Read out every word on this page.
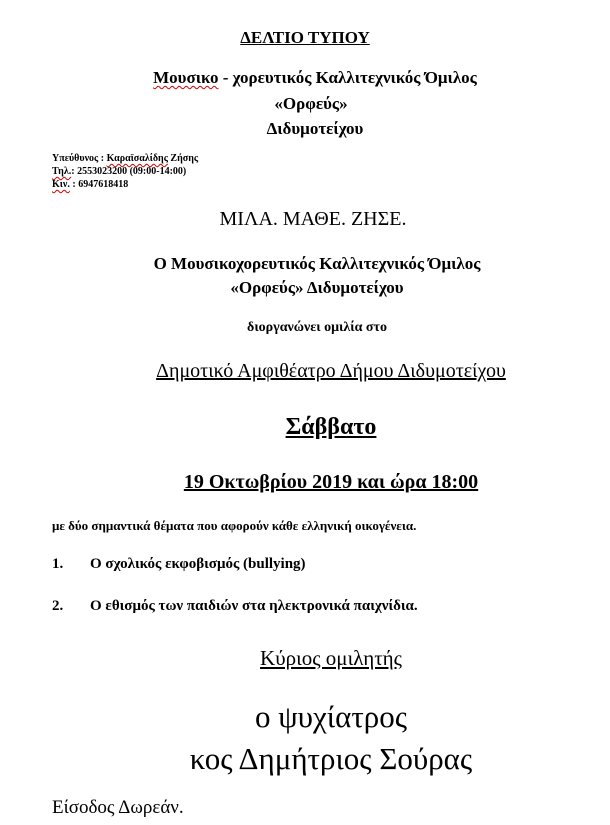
ΔΕΛΤΙΟ ΤΥΠΟΥ
Μουσικο - χορευτικός Καλλιτεχνικός Όμιλος
«Ορφεύς»
Διδυμοτείχου
Υπεύθυνος : Καραϊσαλίδης Ζήσης
Τηλ.: 2553023200 (09:00-14:00)
Κιν. : 6947618418
ΜΙΛΑ. ΜΑΘΕ. ΖΗΣΕ.
Ο Μουσικοχορευτικός Καλλιτεχνικός Όμιλος
«Ορφεύς» Διδυμοτείχου
διοργανώνει ομιλία στο
Δημοτικό Αμφιθέατρο Δήμου Διδυμοτείχου
Σάββατο
19 Οκτωβρίου 2019 και ώρα 18:00
με δύο σημαντικά θέματα που αφορούν κάθε ελληνική οικογένεια.
1. Ο σχολικός εκφοβισμός (bullying)
2. Ο εθισμός των παιδιών στα ηλεκτρονικά παιχνίδια.
Κύριος ομιλητής
ο ψυχίατρος
κος Δημήτριος Σούρας
Είσοδος Δωρεάν.
